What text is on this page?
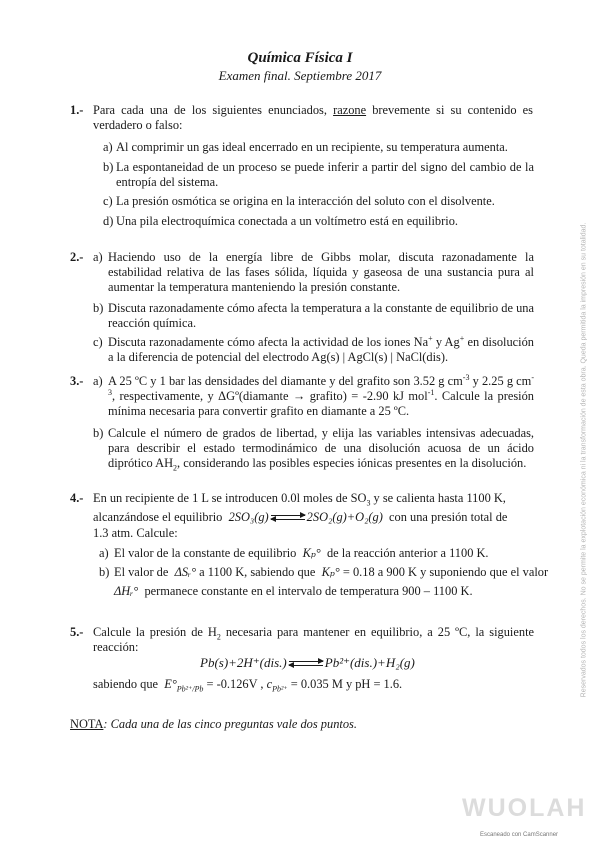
Química Física I
Examen final. Septiembre 2017
1.- Para cada una de los siguientes enunciados, razone brevemente si su contenido es verdadero o falso:
a) Al comprimir un gas ideal encerrado en un recipiente, su temperatura aumenta.
b) La espontaneidad de un proceso se puede inferir a partir del signo del cambio de la entropía del sistema.
c) La presión osmótica se origina en la interacción del soluto con el disolvente.
d) Una pila electroquímica conectada a un voltímetro está en equilibrio.
2.- a) Haciendo uso de la energía libre de Gibbs molar, discuta razonadamente la estabilidad relativa de las fases sólida, líquida y gaseosa de una sustancia pura al aumentar la temperatura manteniendo la presión constante.
b) Discuta razonadamente cómo afecta la temperatura a la constante de equilibrio de una reacción química.
c) Discuta razonadamente cómo afecta la actividad de los iones Na+ y Ag+ en disolución a la diferencia de potencial del electrodo Ag(s) | AgCl(s) | NaCl(dis).
3.- a) A 25 ºC y 1 bar las densidades del diamante y del grafito son 3.52 g $cm^{-3}$ y 2.25 g $cm^{-3}$, respectivamente, y ΔGº(diamante → grafito) = -2.90 kJ mol$^{-1}$. Calcule la presión mínima necesaria para convertir grafito en diamante a 25 ºC.
b) Calcule el número de grados de libertad, y elija las variables intensivas adecuadas, para describir el estado termodinámico de una disolución acuosa de un ácido diprótico $AH_2$, considerando las posibles especies iónicas presentes en la disolución.
4.- En un recipiente de 1 L se introducen 0.0l moles de $SO_3$ y se calienta hasta 1100 K,
alcanzándose el equilibrio 2SO₃(g) ⇌ 2SO₂(g)+O₂(g) con una presión total de
1.3 atm. Calcule:
a) El valor de la constante de equilibrio Kₚ° de la reacción anterior a 1100 K.
b) El valor de ΔSᵣ° a 1100 K, sabiendo que Kₚ° = 0.18 a 900 K y suponiendo que el valor
ΔHᵣ° permanece constante en el intervalo de temperatura 900 – 1100 K.
5.- Calcule la presión de $H_2$ necesaria para mantener en equilibrio, a 25 ºC, la siguiente reacción:
Pb(s)+2H⁺(dis.) ⇌ Pb²⁺(dis.)+H₂(g)
sabiendo que $E^\circ_{Pb^{2+}/Pb} = -0.126V$ , $c_{Pb^{2+}} = 0.035$ M y pH = 1.6.
NOTA: Cada una de las cinco preguntas vale dos puntos.
Reservados todos los derechos. No se permite la explotación económica ni la transformación de esta obra. Queda permitida la impresión en su totalidad.
WUOLAH
Escaneado con CamScanner
